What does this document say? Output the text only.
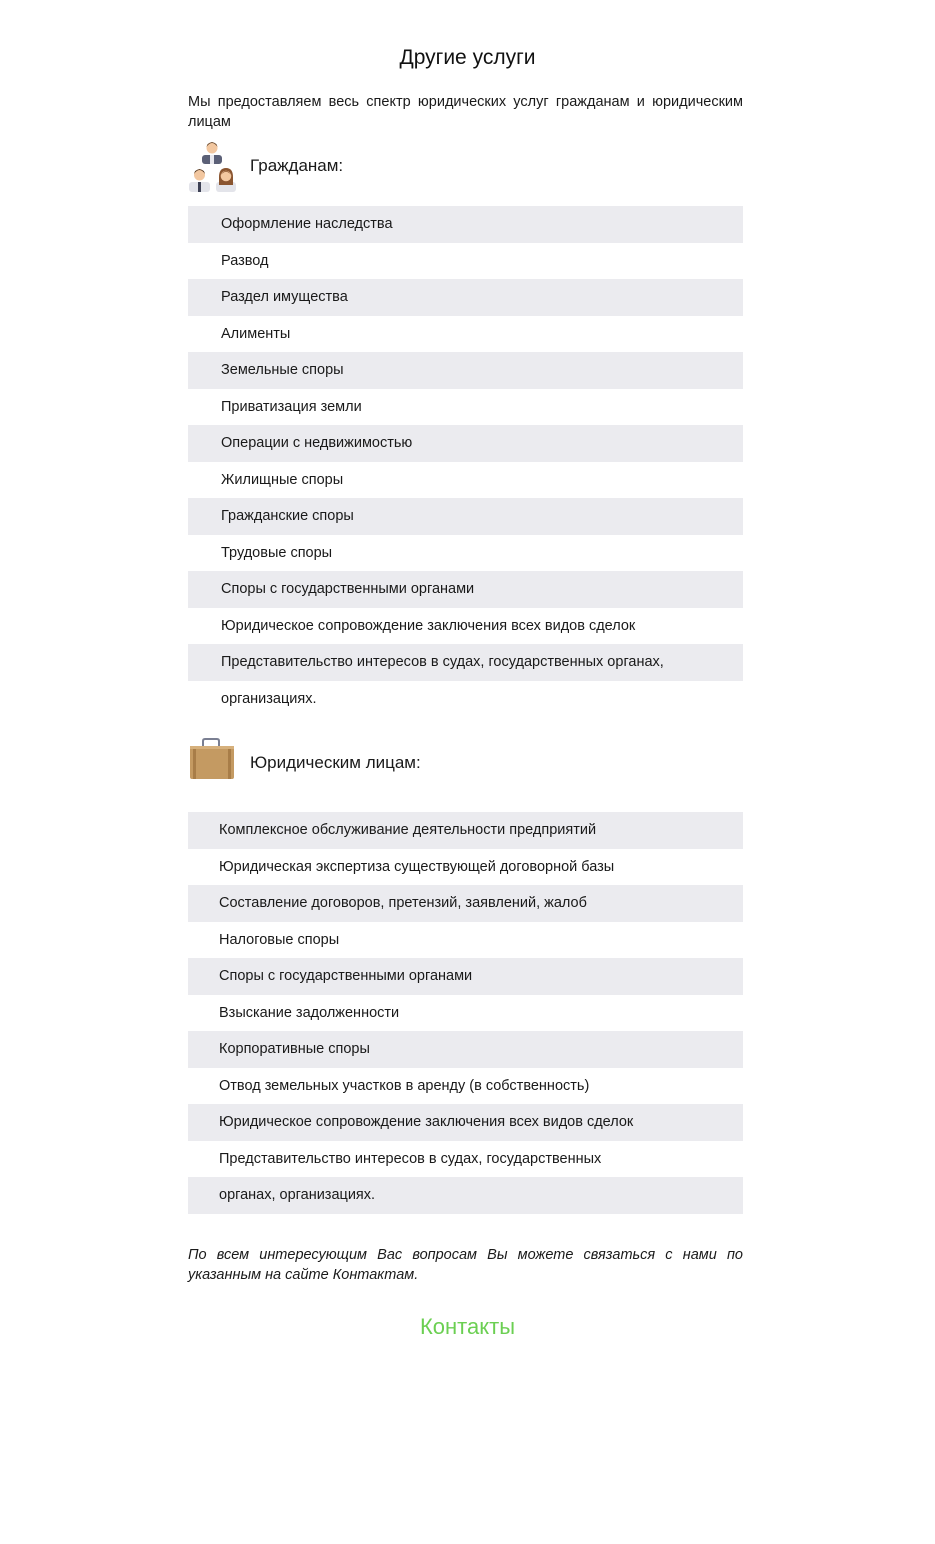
Другие услуги

Мы предоставляем весь спектр юридических услуг гражданам и юридическим лицам

Гражданам:
Оформление наследства
Развод
Раздел имущества
Алименты
Земельные споры
Приватизация земли
Операции с недвижимостью
Жилищные споры
Гражданские споры
Трудовые споры
Споры с государственными органами
Юридическое сопровождение заключения всех видов сделок
Представительство интересов в судах, государственных органах,
организациях.
Юридическим лицам:
Комплексное обслуживание деятельности предприятий
Юридическая экспертиза существующей договорной базы
Составление договоров, претензий, заявлений, жалоб
Налоговые споры
Споры с государственными органами
Взыскание задолженности
Корпоративные споры
Отвод земельных участков в аренду (в собственность)
Юридическое сопровождение заключения всех видов сделок
Представительство интересов в судах, государственных
органах, организациях.

По всем интересующим Вас вопросам Вы можете связаться с нами по указанным на сайте Контактам.

Контакты
